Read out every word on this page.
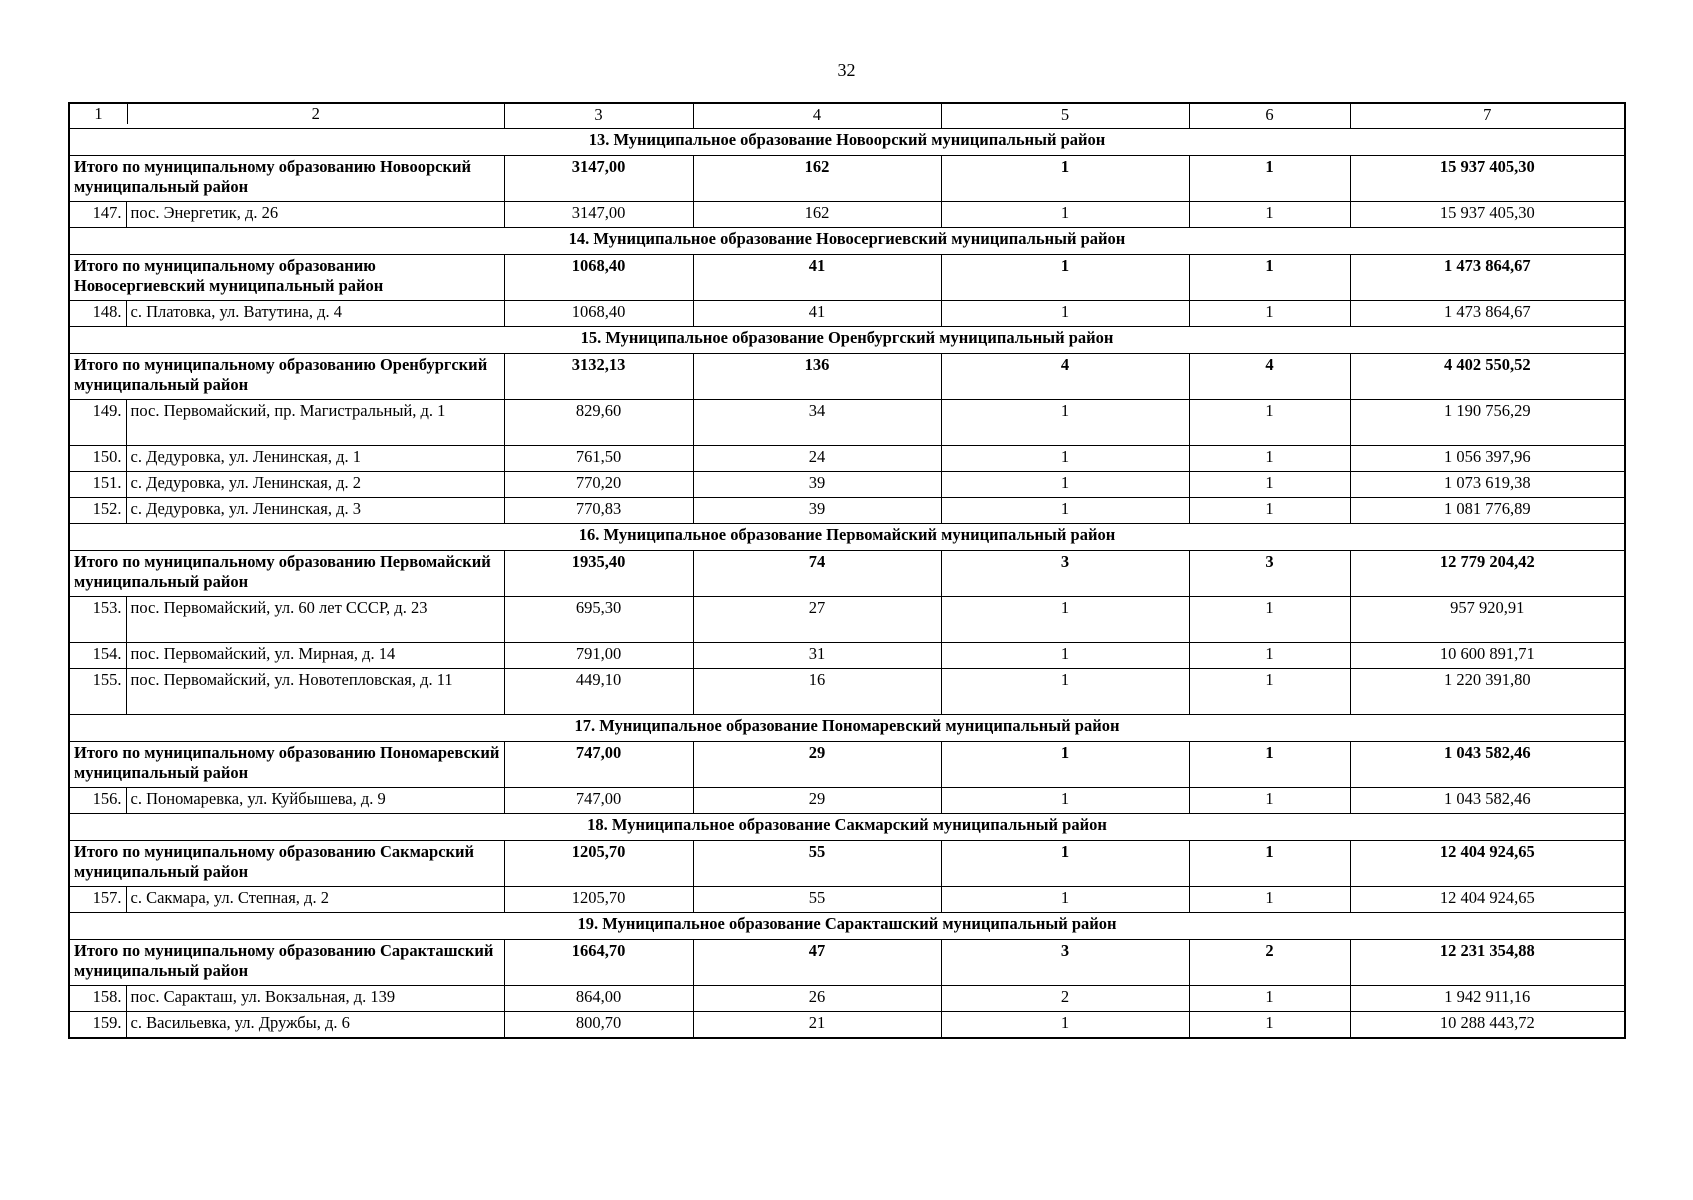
32
1 2		3	4	5	6	7
13. Муниципальное образование Новоорский муниципальный район						
Итого по муниципальному образованию Новоорский муниципальный район		3147,00	162	1	1	15 937 405,30
147.	пос. Энергетик, д. 26	3147,00	162	1	1	15 937 405,30
14. Муниципальное образование Новосергиевский муниципальный район						
Итого по муниципальному образованию Новосергиевский муниципальный район		1068,40	41	1	1	1 473 864,67
148.	с. Платовка, ул. Ватутина, д. 4	1068,40	41	1	1	1 473 864,67
15. Муниципальное образование Оренбургский муниципальный район						
Итого по муниципальному образованию Оренбургский муниципальный район		3132,13	136	4	4	4 402 550,52
149.	пос. Первомайский, пр. Магистральный, д. 1	829,60	34	1	1	1 190 756,29
150.	с. Дедуровка, ул. Ленинская, д. 1	761,50	24	1	1	1 056 397,96
151.	с. Дедуровка, ул. Ленинская, д. 2	770,20	39	1	1	1 073 619,38
152.	с. Дедуровка, ул. Ленинская, д. 3	770,83	39	1	1	1 081 776,89
16. Муниципальное образование Первомайский муниципальный район						
Итого по муниципальному образованию Первомайский муниципальный район		1935,40	74	3	3	12 779 204,42
153.	пос. Первомайский, ул. 60 лет СССР, д. 23	695,30	27	1	1	957 920,91
154.	пос. Первомайский, ул. Мирная, д. 14	791,00	31	1	1	10 600 891,71
155.	пос. Первомайский, ул. Новотепловская, д. 11	449,10	16	1	1	1 220 391,80
17. Муниципальное образование Пономаревский муниципальный район						
Итого по муниципальному образованию Пономаревский муниципальный район		747,00	29	1	1	1 043 582,46
156.	с. Пономаревка, ул. Куйбышева, д. 9	747,00	29	1	1	1 043 582,46
18. Муниципальное образование Сакмарский муниципальный район						
Итого по муниципальному образованию Сакмарский муниципальный район		1205,70	55	1	1	12 404 924,65
157.	с. Сакмара, ул. Степная, д. 2	1205,70	55	1	1	12 404 924,65
19. Муниципальное образование Саракташский муниципальный район						
Итого по муниципальному образованию Саракташский муниципальный район		1664,70	47	3	2	12 231 354,88
158.	пос. Саракташ, ул. Вокзальная, д. 139	864,00	26	2	1	1 942 911,16
159.	с. Васильевка, ул. Дружбы, д. 6	800,70	21	1	1	10 288 443,72
